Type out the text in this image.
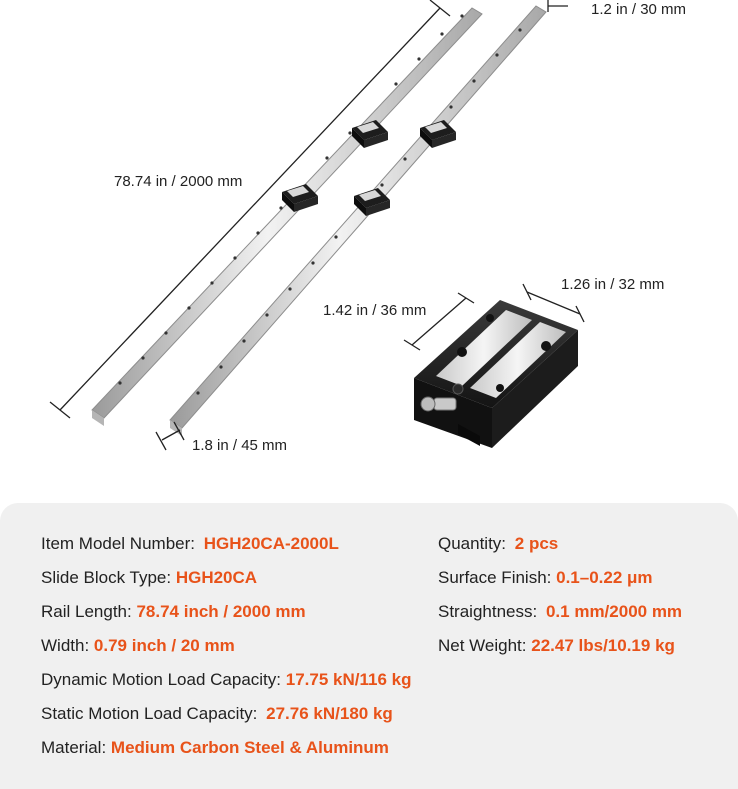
78.74 in / 2000 mm
1.2 in / 30 mm
1.26 in / 32 mm
1.42 in / 36 mm
1.8 in / 45 mm
Item Model Number: HGH20CA-2000L
Slide Block Type: HGH20CA
Rail Length: 78.74 inch / 2000 mm
Width: 0.79 inch / 20 mm
Dynamic Motion Load Capacity: 17.75 kN/116 kg
Static Motion Load Capacity: 27.76 kN/180 kg
Material: Medium Carbon Steel & Aluminum
Quantity: 2 pcs
Surface Finish: 0.1–0.22 μm
Straightness: 0.1 mm/2000 mm
Net Weight: 22.47 lbs/10.19 kg
